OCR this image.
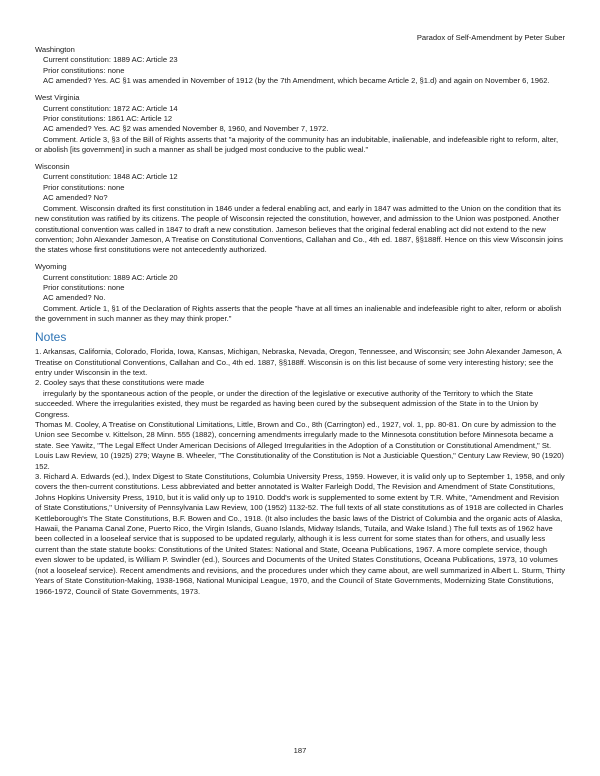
Paradox of Self-Amendment by Peter Suber
Washington
Current constitution: 1889 AC: Article 23
Prior constitutions: none

AC amended? Yes. AC §1 was amended in November of 1912 (by the 7th Amendment, which became Article 2, §1.d) and again on November 6, 1962.

West Virginia
Current constitution: 1872 AC: Article 14
Prior constitutions: 1861 AC: Article 12

AC amended? Yes. AC §2 was amended November 8, 1960, and November 7, 1972.

Comment. Article 3, §3 of the Bill of Rights asserts that "a majority of the community has an indubitable, inalienable, and indefeasible right to reform, alter, or abolish [its government] in such a manner as shall be judged most conducive to the public weal."

Wisconsin
Current constitution: 1848 AC: Article 12
Prior constitutions: none

AC amended? No?

Comment. Wisconsin drafted its first constitution in 1846 under a federal enabling act, and early in 1847 was admitted to the Union on the condition that its new constitution was ratified by its citizens. The people of Wisconsin rejected the constitution, however, and admission to the Union was postponed. Another constitutional convention was called in 1847 to draft a new constitution. Jameson believes that the original federal enabling act did not extend to the new convention; John Alexander Jameson, A Treatise on Constitutional Conventions, Callahan and Co., 4th ed. 1887, §§188ff. Hence on this view Wisconsin joins the states whose first constitutions were not antecedently authorized.

Wyoming
Current constitution: 1889 AC: Article 20
Prior constitutions: none

AC amended? No.

Comment. Article 1, §1 of the Declaration of Rights asserts that the people "have at all times an inalienable and indefeasible right to alter, reform or abolish the government in such manner as they may think proper."

Notes

1. Arkansas, California, Colorado, Florida, Iowa, Kansas, Michigan, Nebraska, Nevada, Oregon, Tennessee, and Wisconsin; see John Alexander Jameson, A Treatise on Constitutional Conventions, Callahan and Co., 4th ed. 1887, §§188ff. Wisconsin is on this list because of some very interesting history; see the entry under Wisconsin in the text.

2. Cooley says that these constitutions were made

irregularly by the spontaneous action of the people, or under the direction of the legislative or executive authority of the Territory to which the State succeeded. Where the irregularities existed, they must be regarded as having been cured by the subsequent admission of the State in to the Union by Congress.

Thomas M. Cooley, A Treatise on Constitutional Limitations, Little, Brown and Co., 8th (Carrington) ed., 1927, vol. 1, pp. 80-81. On cure by admission to the Union see Secombe v. Kittelson, 28 Minn. 555 (1882), concerning amendments irregularly made to the Minnesota constitution before Minnesota became a state. See Yawitz, "The Legal Effect Under American Decisions of Alleged Irregularities in the Adoption of a Constitution or Constitutional Amendment," St. Louis Law Review, 10 (1925) 279; Wayne B. Wheeler, "The Constitutionality of the Constitution is Not a Justiciable Question," Century Law Review, 90 (1920) 152.

3. Richard A. Edwards (ed.), Index Digest to State Constitutions, Columbia University Press, 1959. However, it is valid only up to September 1, 1958, and only covers the then-current constitutions. Less abbreviated and better annotated is Walter Farleigh Dodd, The Revision and Amendment of State Constitutions, Johns Hopkins University Press, 1910, but it is valid only up to 1910. Dodd's work is supplemented to some extent by T.R. White, "Amendment and Revision of State Constitutions," University of Pennsylvania Law Review, 100 (1952) 1132-52. The full texts of all state constitutions as of 1918 are collected in Charles Kettleborough's The State Constitutions, B.F. Bowen and Co., 1918. (It also includes the basic laws of the District of Columbia and the organic acts of Alaska, Hawaii, the Panama Canal Zone, Puerto Rico, the Virgin Islands, Guano Islands, Midway Islands, Tutaila, and Wake Island.) The full texts as of 1962 have been collected in a looseleaf service that is supposed to be updated regularly, although it is less current for some states than for others, and usually less current than the state statute books: Constitutions of the United States: National and State, Oceana Publications, 1967. A more complete service, though even slower to be updated, is William P. Swindler (ed.), Sources and Documents of the United States Constitutions, Oceana Publications, 1973, 10 volumes (not a looseleaf service). Recent amendments and revisions, and the procedures under which they came about, are well summarized in Albert L. Sturm, Thirty Years of State Constitution-Making, 1938-1968, National Municipal League, 1970, and the Council of State Governments, Modernizing State Constitutions, 1966-1972, Council of State Governments, 1973.

187
